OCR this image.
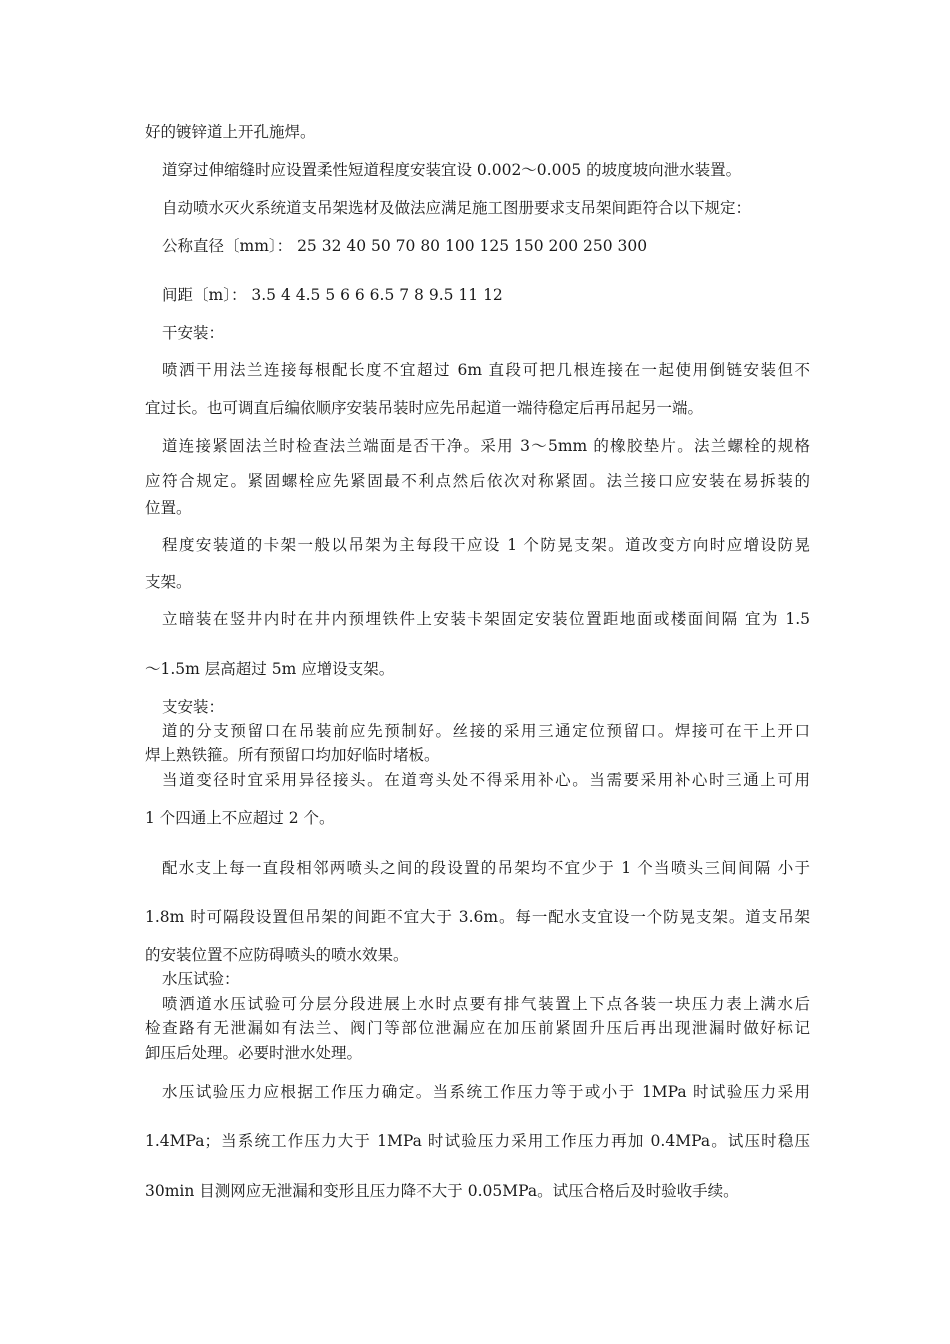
好的镀锌道上开孔施焊。
道穿过伸缩缝时应设置柔性短道程度安装宜设 0.002～0.005 的坡度坡向泄水装置。
自动喷水灭火系统道支吊架选材及做法应满足施工图册要求支吊架间距符合以下规定：
公称直径〔mm〕： 25 32 40 50 70 80 100 125 150 200 250 300
间距〔m〕： 3.5 4 4.5 5 6 6 6.5 7 8 9.5 11 12
干安装：
喷洒干用法兰连接每根配长度不宜超过 6m 直段可把几根连接在一起使用倒链安装但不
宜过长。也可调直后编依顺序安装吊装时应先吊起道一端待稳定后再吊起另一端。
道连接紧固法兰时检查法兰端面是否干净。采用 3～5mm 的橡胶垫片。法兰螺栓的规格
应符合规定。紧固螺栓应先紧固最不利点然后依次对称紧固。法兰接口应安装在易拆装的
位置。
程度安装道的卡架一般以吊架为主每段干应设 1 个防晃支架。道改变方向时应增设防晃
支架。
立暗装在竖井内时在井内预埋铁件上安装卡架固定安装位置距地面或楼面间隔 宜为 1.5
～1.5m 层高超过 5m 应增设支架。
支安装：
道的分支预留口在吊装前应先预制好。丝接的采用三通定位预留口。焊接可在干上开口
焊上熟铁箍。所有预留口均加好临时堵板。
当道变径时宜采用异径接头。在道弯头处不得采用补心。当需要采用补心时三通上可用
1 个四通上不应超过 2 个。
配水支上每一直段相邻两喷头之间的段设置的吊架均不宜少于 1 个当喷头三间间隔 小于
1.8m 时可隔段设置但吊架的间距不宜大于 3.6m。每一配水支宜设一个防晃支架。道支吊架
的安装位置不应防碍喷头的喷水效果。
水压试验：
喷洒道水压试验可分层分段进展上水时点要有排气装置上下点各装一块压力表上满水后
检查路有无泄漏如有法兰、阀门等部位泄漏应在加压前紧固升压后再出现泄漏时做好标记
卸压后处理。必要时泄水处理。
水压试验压力应根据工作压力确定。当系统工作压力等于或小于 1MPa 时试验压力采用
1.4MPa；当系统工作压力大于 1MPa 时试验压力采用工作压力再加 0.4MPa。试压时稳压
30min 目测网应无泄漏和变形且压力降不大于 0.05MPa。试压合格后及时验收手续。
